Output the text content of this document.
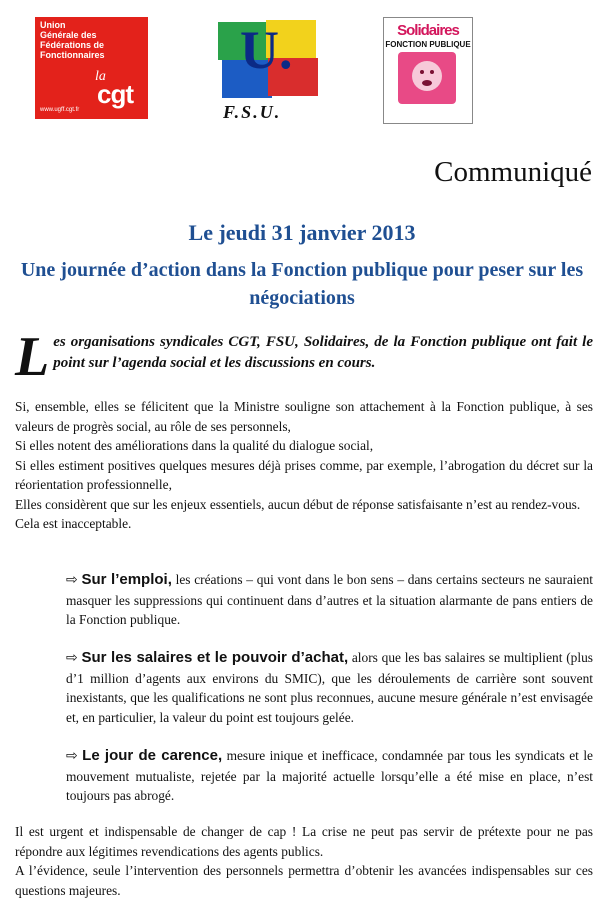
Union
Générale des
Fédérations de
Fonctionnaires
la
cgt
www.ugff.cgt.fr
U.
F.S.U.
Solidaires
FONCTION PUBLIQUE
Communiqué
Le jeudi 31 janvier 2013
Une journée d’action dans la Fonction publique pour peser sur les négociations
L es organisations syndicales CGT, FSU, Solidaires, de la Fonction publique ont fait le point sur l’agenda social et les discussions en cours.

Si, ensemble, elles se félicitent que la Ministre souligne son attachement à la Fonction publique, à ses valeurs de progrès social, au rôle de ses personnels,

Si elles notent des améliorations dans la qualité du dialogue social,

Si elles estiment positives quelques mesures déjà prises comme, par exemple, l’abrogation du décret sur la réorientation professionnelle,

Elles considèrent que sur les enjeux essentiels, aucun début de réponse satisfaisante n’est au rendez-vous.

Cela est inacceptable.

⇨ Sur l’emploi, les créations – qui vont dans le bon sens – dans certains secteurs ne sauraient masquer les suppressions qui continuent dans d’autres et la situation alarmante de pans entiers de la Fonction publique.
⇨ Sur les salaires et le pouvoir d’achat, alors que les bas salaires se multiplient (plus d’1 million d’agents aux environs du SMIC), que les déroulements de carrière sont souvent inexistants, que les qualifications ne sont plus reconnues, aucune mesure générale n’est envisagée et, en particulier, la valeur du point est toujours gelée.
⇨ Le jour de carence, mesure inique et inefficace, condamnée par tous les syndicats et le mouvement mutualiste, rejetée par la majorité actuelle lorsqu’elle a été mise en place, n’est toujours pas abrogé.

Il est urgent et indispensable de changer de cap ! La crise ne peut pas servir de prétexte pour ne pas répondre aux légitimes revendications des agents publics.

A l’évidence, seule l’intervention des personnels permettra d’obtenir les avancées indispensables sur ces questions majeures.
